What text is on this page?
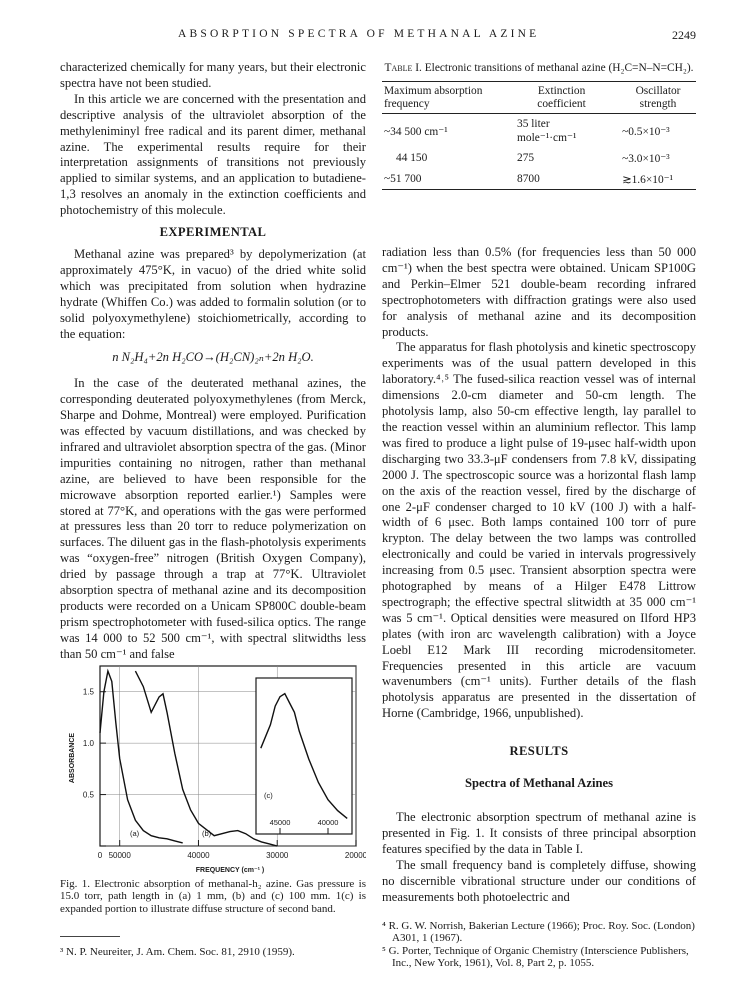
ABSORPTION SPECTRA OF METHANAL AZINE	2249

characterized chemically for many years, but their electronic spectra have not been studied.

In this article we are concerned with the presentation and descriptive analysis of the ultraviolet absorption of the methyleniminyl free radical and its parent dimer, methanal azine. The experimental results require for their interpretation assignments of transitions not previously applied to similar systems, and an application to butadiene-1,3 resolves an anomaly in the extinction coefficients and photochemistry of this molecule.

EXPERIMENTAL

Methanal azine was prepared³ by depolymerization (at approximately 475°K, in vacuo) of the dried white solid which was precipitated from solution when hydrazine hydrate (Whiffen Co.) was added to formalin solution (or to solid polyoxymethylene) stoichiometrically, according to the equation:

n N₂H₄+2n H₂CO→(H₂CN)₂ₙ+2n H₂O.

In the case of the deuterated methanal azines, the corresponding deuterated polyoxymethylenes (from Merck, Sharpe and Dohme, Montreal) were employed. Purification was effected by vacuum distillations, and was checked by infrared and ultraviolet absorption spectra of the gas. (Minor impurities containing no nitrogen, rather than methanal azine, are believed to have been responsible for the microwave absorption reported earlier.¹) Samples were stored at 77°K, and operations with the gas were performed at pressures less than 20 torr to reduce polymerization on surfaces. The diluent gas in the flash-photolysis experiments was “oxygen-free” nitrogen (British Oxygen Company), dried by passage through a trap at 77°K. Ultraviolet absorption spectra of methanal azine and its decomposition products were recorded on a Unicam SP800C double-beam prism spectrophotometer with fused-silica optics. The range was 14 000 to 52 500 cm⁻¹, with spectral slitwidths less than 50 cm⁻¹ and false

Table I. Electronic transitions of methanal azine (H₂C=N–N=CH₂).
Maximum absorption frequency	Extinction coefficient	Oscillator strength
~34 500 cm⁻¹	35 liter mole⁻¹·cm⁻¹	~0.5×10⁻³
44 150	275	~3.0×10⁻³
~51 700	8700	≳1.6×10⁻¹

radiation less than 0.5% (for frequencies less than 50 000 cm⁻¹) when the best spectra were obtained. Unicam SP100G and Perkin–Elmer 521 double-beam recording infrared spectrophotometers with diffraction gratings were also used for analysis of methanal azine and its decomposition products.

The apparatus for flash photolysis and kinetic spectroscopy experiments was of the usual pattern developed in this laboratory.⁴˒⁵ The fused-silica reaction vessel was of internal dimensions 2.0-cm diameter and 50-cm length. The photolysis lamp, also 50-cm effective length, lay parallel to the reaction vessel within an aluminium reflector. This lamp was fired to produce a light pulse of 19-μsec half-width upon discharging two 33.3-μF condensers from 7.8 kV, dissipating 2000 J. The spectroscopic source was a horizontal flash lamp on the axis of the reaction vessel, fired by the discharge of one 2-μF condenser charged to 10 kV (100 J) with a half-width of 6 μsec. Both lamps contained 100 torr of pure krypton. The delay between the two lamps was controlled electronically and could be varied in intervals progressively increasing from 0.5 μsec. Transient absorption spectra were photographed by means of a Hilger E478 Littrow spectrograph; the effective spectral slitwidth at 35 000 cm⁻¹ was 5 cm⁻¹. Optical densities were measured on Ilford HP3 plates (with iron arc wavelength calibration) with a Joyce Loebl E12 Mark III recording microdensitometer. Frequencies presented in this article are vacuum wavenumbers (cm⁻¹ units). Further details of the flash photolysis apparatus are presented in the dissertation of Horne (Cambridge, 1966, unpublished).

RESULTS
Spectra of Methanal Azines

The electronic absorption spectrum of methanal azine is presented in Fig. 1. It consists of three principal absorption features specified by the data in Table I.

The small frequency band is completely diffuse, showing no discernible vibrational structure under our conditions of measurements both photoelectric and

0.5
1.0
1.5
50000	40000	30000	20000
0
45000	40000
(a)	(b)
(c)
ABSORBANCE
FREQUENCY (cm⁻¹ )
Fig. 1. Electronic absorption of methanal-h₂ azine. Gas pressure is 15.0 torr, path length in (a) 1 mm, (b) and (c) 100 mm. 1(c) is expanded portion to illustrate diffuse structure of second band.

³ N. P. Neureiter, J. Am. Chem. Soc. 81, 2910 (1959).

⁴ R. G. W. Norrish, Bakerian Lecture (1966); Proc. Roy. Soc. (London) A301, 1 (1967).

⁵ G. Porter, Technique of Organic Chemistry (Interscience Publishers, Inc., New York, 1961), Vol. 8, Part 2, p. 1055.
